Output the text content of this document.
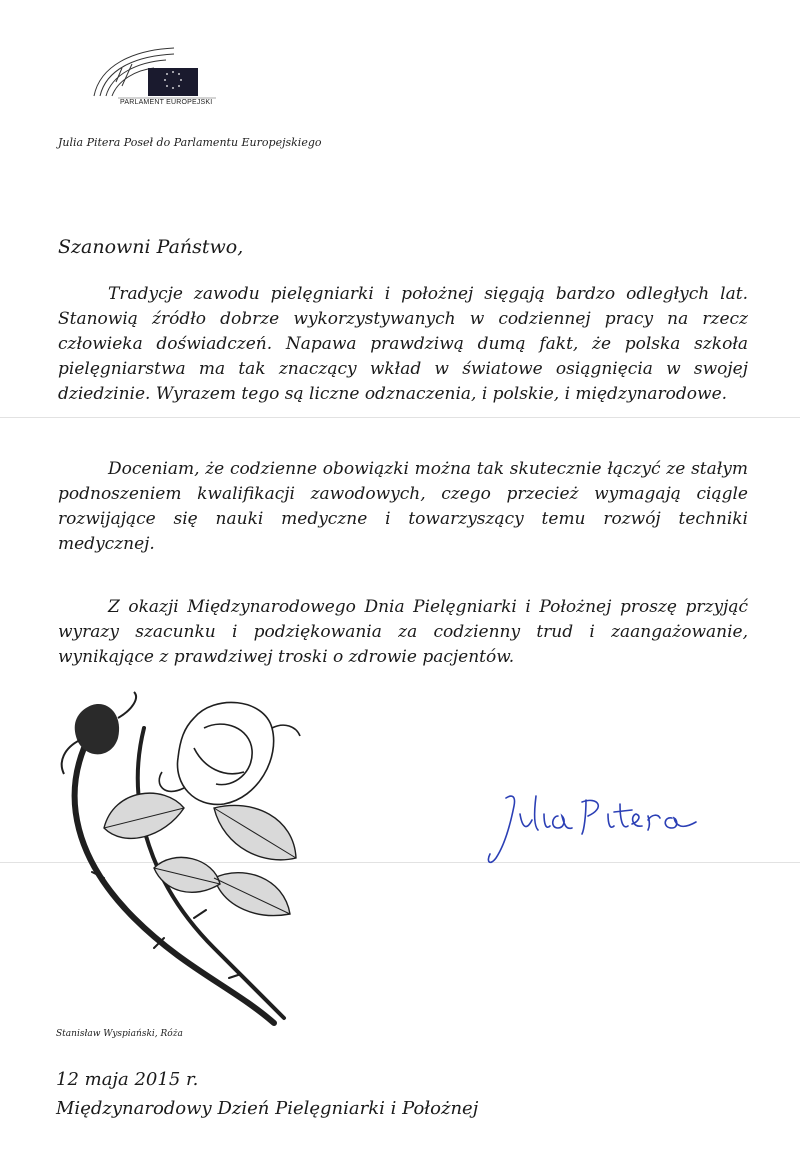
PARLAMENT EUROPEJSKI
Julia Pitera Poseł do Parlamentu Europejskiego
Szanowni Państwo,

Tradycje zawodu pielęgniarki i położnej sięgają bardzo odległych lat. Stanowią źródło dobrze wykorzystywanych w codziennej pracy na rzecz człowieka doświadczeń. Napawa prawdziwą dumą fakt, że polska szkoła pielęgniarstwa ma tak znaczący wkład w światowe osiągnięcia w swojej dziedzinie. Wyrazem tego są liczne odznaczenia, i polskie, i międzynarodowe.

Doceniam, że codzienne obowiązki można tak skutecznie łączyć ze stałym podnoszeniem kwalifikacji zawodowych, czego przecież wymagają ciągle rozwijające się nauki medyczne i towarzyszący temu rozwój techniki medycznej.

Z okazji Międzynarodowego Dnia Pielęgniarki i Położnej proszę przyjąć wyrazy szacunku i podziękowania za codzienny trud i zaangażowanie, wynikające z prawdziwej troski o zdrowie pacjentów.

Stanisław Wyspiański, Róża
12 maja 2015 r.
Międzynarodowy Dzień Pielęgniarki i Położnej
